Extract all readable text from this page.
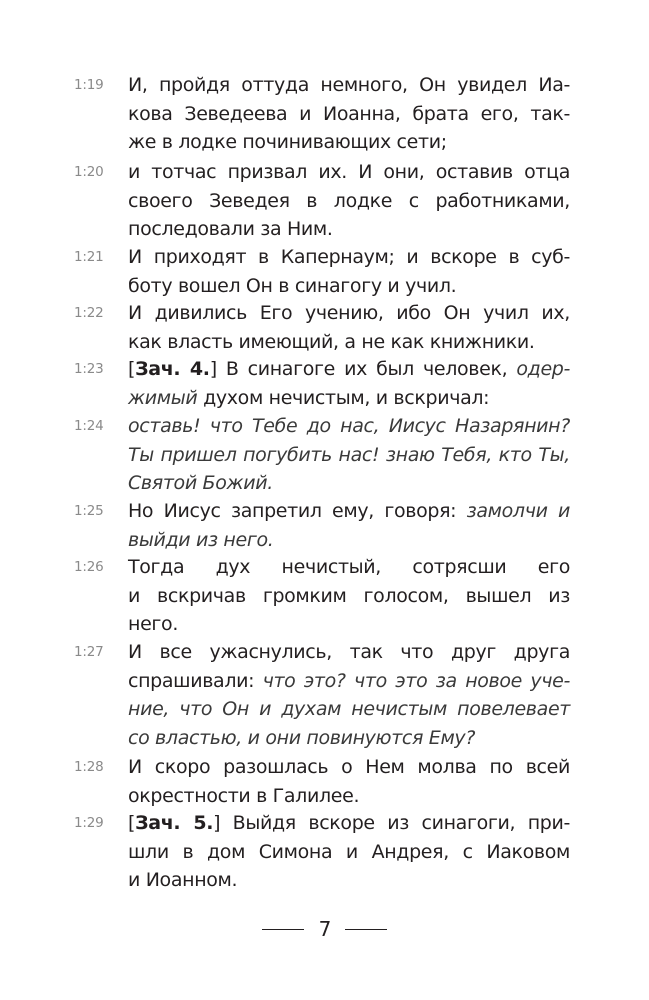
1:19	И, пройдя оттуда немного, Он увидел Иа-
кова Зеведеева и Иоанна, брата его, так-
же в лодке починивающих сети;
1:20	и тотчас призвал их. И они, оставив отца
своего Зеведея в лодке с работниками,
последовали за Ним.
1:21	И приходят в Капернаум; и вскоре в суб-
боту вошел Он в синагогу и учил.
1:22	И дивились Его учению, ибо Он учил их,
как власть имеющий, а не как книжники.
1:23	[Зач. 4.] В синагоге их был человек, одер-
жимый духом нечистым, и вскричал:
1:24	оставь! что Тебе до нас, Иисус Назарянин?
Ты пришел погубить нас! знаю Тебя, кто Ты,
Святой Божий.
1:25	Но Иисус запретил ему, говоря: замолчи и
выйди из него.
1:26	Тогда дух нечистый, сотрясши его
и вскричав громким голосом, вышел из
него.
1:27	И все ужаснулись, так что друг друга
спрашивали: что это? что это за новое уче-
ние, что Он и духам нечистым повелевает
со властью, и они повинуются Ему?
1:28	И скоро разошлась о Нем молва по всей
окрестности в Галилее.
1:29	[Зач. 5.] Выйдя вскоре из синагоги, при-
шли в дом Симона и Андрея, с Иаковом
и Иоанном.
7
